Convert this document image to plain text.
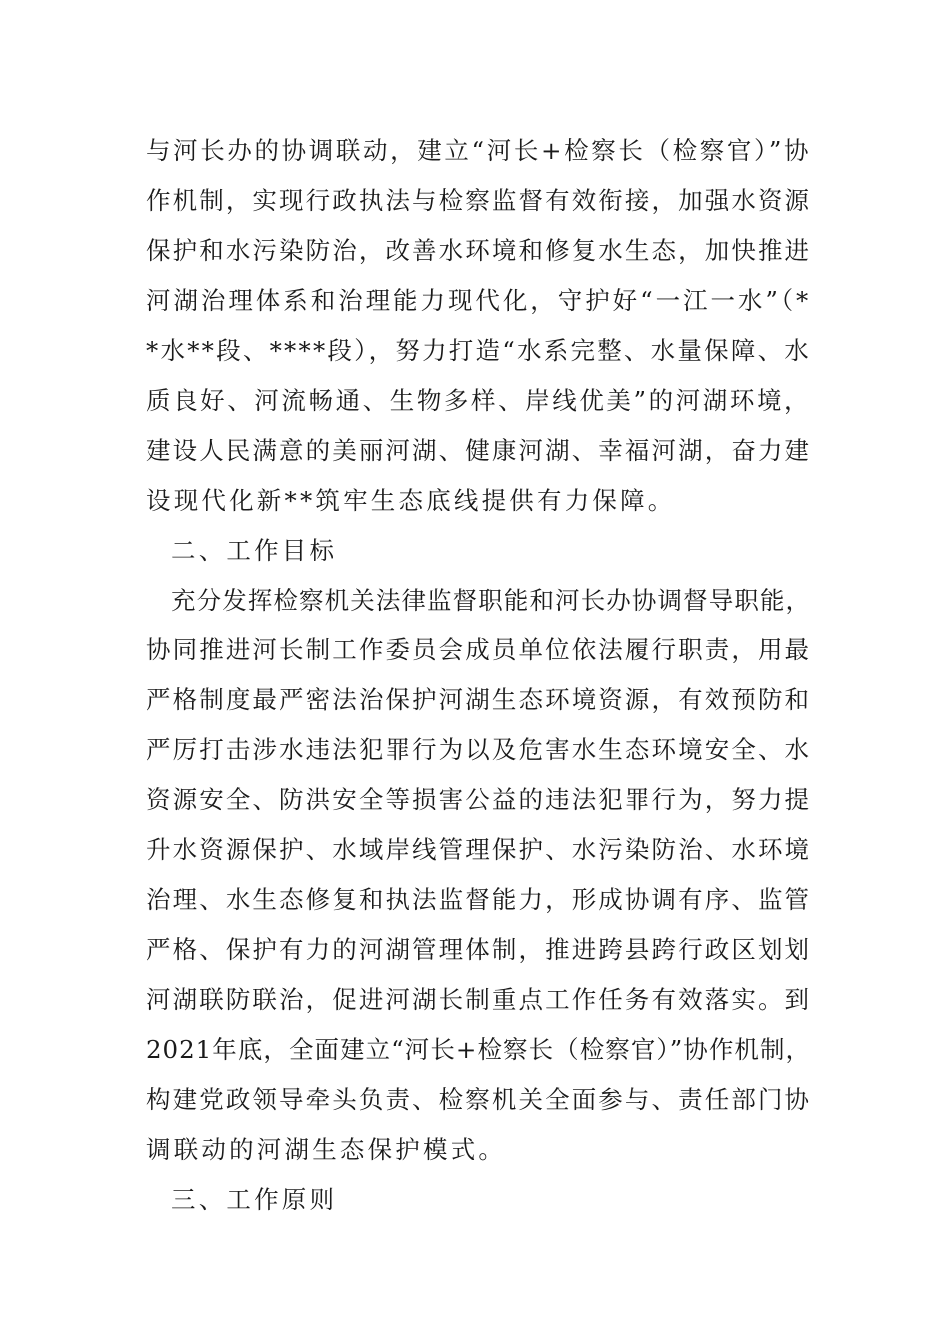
与河长办的协调联动，建立“河长+检察长（检察官）”协
作机制，实现行政执法与检察监督有效衔接，加强水资源
保护和水污染防治，改善水环境和修复水生态，加快推进
河湖治理体系和治理能力现代化，守护好“一江一水”（*
*水**段、****段），努力打造“水系完整、水量保障、水
质良好、河流畅通、生物多样、岸线优美”的河湖环境，
建设人民满意的美丽河湖、健康河湖、幸福河湖，奋力建
设现代化新**筑牢生态底线提供有力保障。
二、工作目标
充分发挥检察机关法律监督职能和河长办协调督导职能，
协同推进河长制工作委员会成员单位依法履行职责，用最
严格制度最严密法治保护河湖生态环境资源，有效预防和
严厉打击涉水违法犯罪行为以及危害水生态环境安全、水
资源安全、防洪安全等损害公益的违法犯罪行为，努力提
升水资源保护、水域岸线管理保护、水污染防治、水环境
治理、水生态修复和执法监督能力，形成协调有序、监管
严格、保护有力的河湖管理体制，推进跨县跨行政区划划
河湖联防联治，促进河湖长制重点工作任务有效落实。到
2021年底，全面建立“河长+检察长（检察官）”协作机制，
构建党政领导牵头负责、检察机关全面参与、责任部门协
调联动的河湖生态保护模式。
三、工作原则
